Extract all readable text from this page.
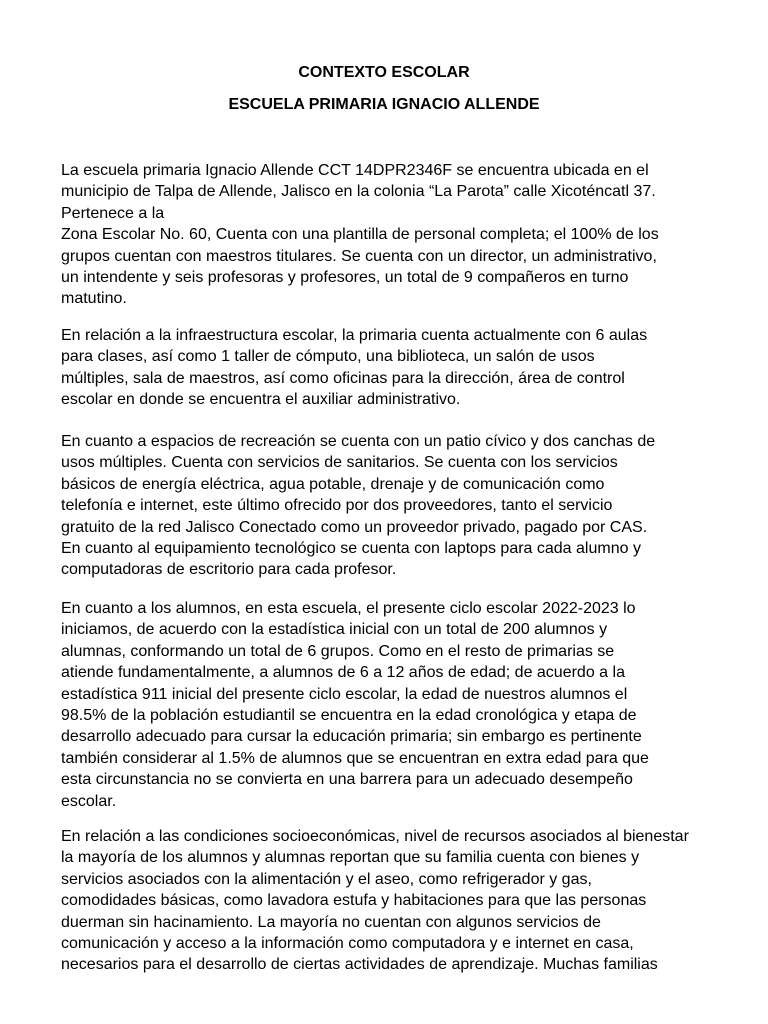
CONTEXTO ESCOLAR
ESCUELA PRIMARIA IGNACIO ALLENDE

La escuela primaria Ignacio Allende CCT 14DPR2346F se encuentra ubicada en el
municipio de Talpa de Allende, Jalisco en la colonia “La Parota” calle Xicoténcatl 37.
Pertenece a la
Zona Escolar No. 60, Cuenta con una plantilla de personal completa; el 100% de los
grupos cuentan con maestros titulares. Se cuenta con un director, un administrativo,
un intendente y seis profesoras y profesores, un total de 9 compañeros en turno
matutino.

En relación a la infraestructura escolar, la primaria cuenta actualmente con 6 aulas
para clases, así como 1 taller de cómputo, una biblioteca, un salón de usos
múltiples, sala de maestros, así como oficinas para la dirección, área de control
escolar en donde se encuentra el auxiliar administrativo.

En cuanto a espacios de recreación se cuenta con un patio cívico y dos canchas de
usos múltiples. Cuenta con servicios de sanitarios. Se cuenta con los servicios
básicos de energía eléctrica, agua potable, drenaje y de comunicación como
telefonía e internet, este último ofrecido por dos proveedores, tanto el servicio
gratuito de la red Jalisco Conectado como un proveedor privado, pagado por CAS.
En cuanto al equipamiento tecnológico se cuenta con laptops para cada alumno y
computadoras de escritorio para cada profesor.

En cuanto a los alumnos, en esta escuela, el presente ciclo escolar 2022-2023 lo
iniciamos, de acuerdo con la estadística inicial con un total de 200 alumnos y
alumnas, conformando un total de 6 grupos. Como en el resto de primarias se
atiende fundamentalmente, a alumnos de 6 a 12 años de edad; de acuerdo a la
estadística 911 inicial del presente ciclo escolar, la edad de nuestros alumnos el
98.5% de la población estudiantil se encuentra en la edad cronológica y etapa de
desarrollo adecuado para cursar la educación primaria; sin embargo es pertinente
también considerar al 1.5% de alumnos que se encuentran en extra edad para que
esta circunstancia no se convierta en una barrera para un adecuado desempeño
escolar.

En relación a las condiciones socioeconómicas, nivel de recursos asociados al bienestar
la mayoría de los alumnos y alumnas reportan que su familia cuenta con bienes y
servicios asociados con la alimentación y el aseo, como refrigerador y gas,
comodidades básicas, como lavadora estufa y habitaciones para que las personas
duerman sin hacinamiento. La mayoría no cuentan con algunos servicios de
comunicación y acceso a la información como computadora y e internet en casa,
necesarios para el desarrollo de ciertas actividades de aprendizaje. Muchas familias
